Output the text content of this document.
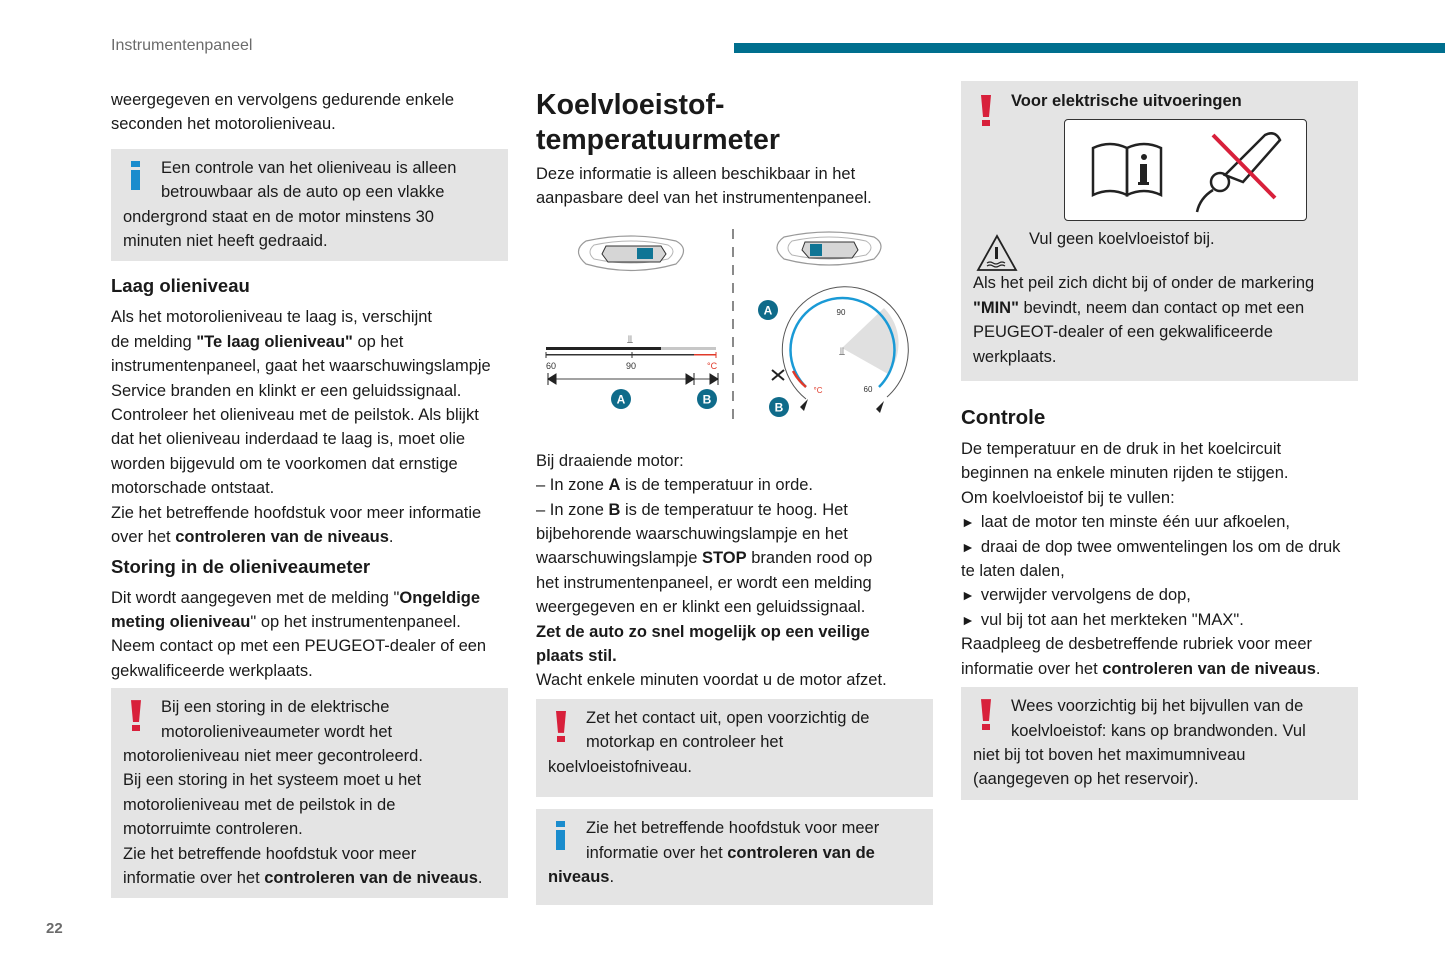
Instrumentenpaneel

weergegeven en vervolgens gedurende enkele

seconden het motorolieniveau.

Een controle van het olieniveau is alleen
betrouwbaar als de auto op een vlakke
ondergrond staat en de motor minstens 30
minuten niet heeft gedraaid.
Laag olieniveau

Als het motorolieniveau te laag is, verschijnt

de melding "Te laag olieniveau" op het

instrumentenpaneel, gaat het waarschuwingslampje

Service branden en klinkt er een geluidssignaal.

Controleer het olieniveau met de peilstok. Als blijkt

dat het olieniveau inderdaad te laag is, moet olie

worden bijgevuld om te voorkomen dat ernstige

motorschade ontstaat.

Zie het betreffende hoofdstuk voor meer informatie

over het controleren van de niveaus.

Storing in de olieniveaumeter

Dit wordt aangegeven met de melding "Ongeldige

meting olieniveau" op het instrumentenpaneel.

Neem contact op met een PEUGEOT-dealer of een

gekwalificeerde werkplaats.

Bij een storing in de elektrische
motorolieniveaumeter wordt het
motorolieniveau niet meer gecontroleerd.
Bij een storing in het systeem moet u het
motorolieniveau met de peilstok in de
motorruimte controleren.
Zie het betreffende hoofdstuk voor meer
informatie over het controleren van de niveaus.
Koelvloeistof-
temperatuurmeter

Deze informatie is alleen beschikbaar in het

aanpasbare deel van het instrumentenpaneel.

⫫
60	90	°C
A	B
90
60
°C
⫫
A
B

Bij draaiende motor:

– In zone A is de temperatuur in orde.

– In zone B is de temperatuur te hoog. Het

bijbehorende waarschuwingslampje en het

waarschuwingslampje STOP branden rood op

het instrumentenpaneel, er wordt een melding

weergegeven en er klinkt een geluidssignaal.

Zet de auto zo snel mogelijk op een veilige

plaats stil.

Wacht enkele minuten voordat u de motor afzet.

Zet het contact uit, open voorzichtig de
motorkap en controleer het
koelvloeistofniveau.
Zie het betreffende hoofdstuk voor meer
informatie over het controleren van de
niveaus.
Voor elektrische uitvoeringen
Vul geen koelvloeistof bij.
Als het peil zich dicht bij of onder de markering
"MIN" bevindt, neem dan contact op met een
PEUGEOT-dealer of een gekwalificeerde
werkplaats.
Controle

De temperatuur en de druk in het koelcircuit

beginnen na enkele minuten rijden te stijgen.

Om koelvloeistof bij te vullen:

► laat de motor ten minste één uur afkoelen,

► draai de dop twee omwentelingen los om de druk

te laten dalen,

► verwijder vervolgens de dop,

► vul bij tot aan het merkteken "MAX".

Raadpleeg de desbetreffende rubriek voor meer

informatie over het controleren van de niveaus.

Wees voorzichtig bij het bijvullen van de
koelvloeistof: kans op brandwonden. Vul
niet bij tot boven het maximumniveau
(aangegeven op het reservoir).
22
